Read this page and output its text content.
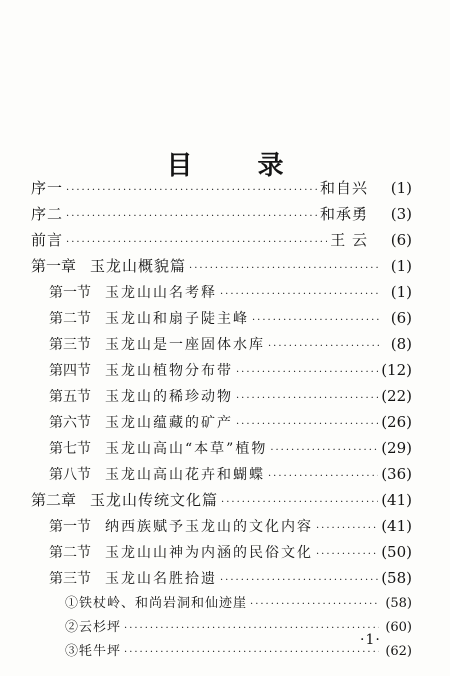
目 录
序一 ·····	和自兴	(1)
序二 ·····	和承勇	(3)
前言 ·····	王 云	(6)
第一章 玉龙山概貌篇 ·····	(1)
第一节 玉龙山山名考释 ·····	(1)
第二节 玉龙山和扇子陡主峰 ·····	(6)
第三节 玉龙山是一座固体水库 ·····	(8)
第四节 玉龙山植物分布带 ·····	(12)
第五节 玉龙山的稀珍动物 ·····	(22)
第六节 玉龙山蕴藏的矿产 ·····	(26)
第七节 玉龙山高山“本草”植物 ·····	(29)
第八节 玉龙山高山花卉和蝴蝶 ·····	(36)
第二章 玉龙山传统文化篇 ·····	(41)
第一节 纳西族赋予玉龙山的文化内容 ·····	(41)
第二节 玉龙山山神为内涵的民俗文化 ·····	(50)
第三节 玉龙山名胜拾遗 ·····	(58)
①铁杖岭、和尚岩洞和仙迹崖 ·····	(58)
②云杉坪 ·····	(60)
③牦牛坪 ·····	(62)
·1·
